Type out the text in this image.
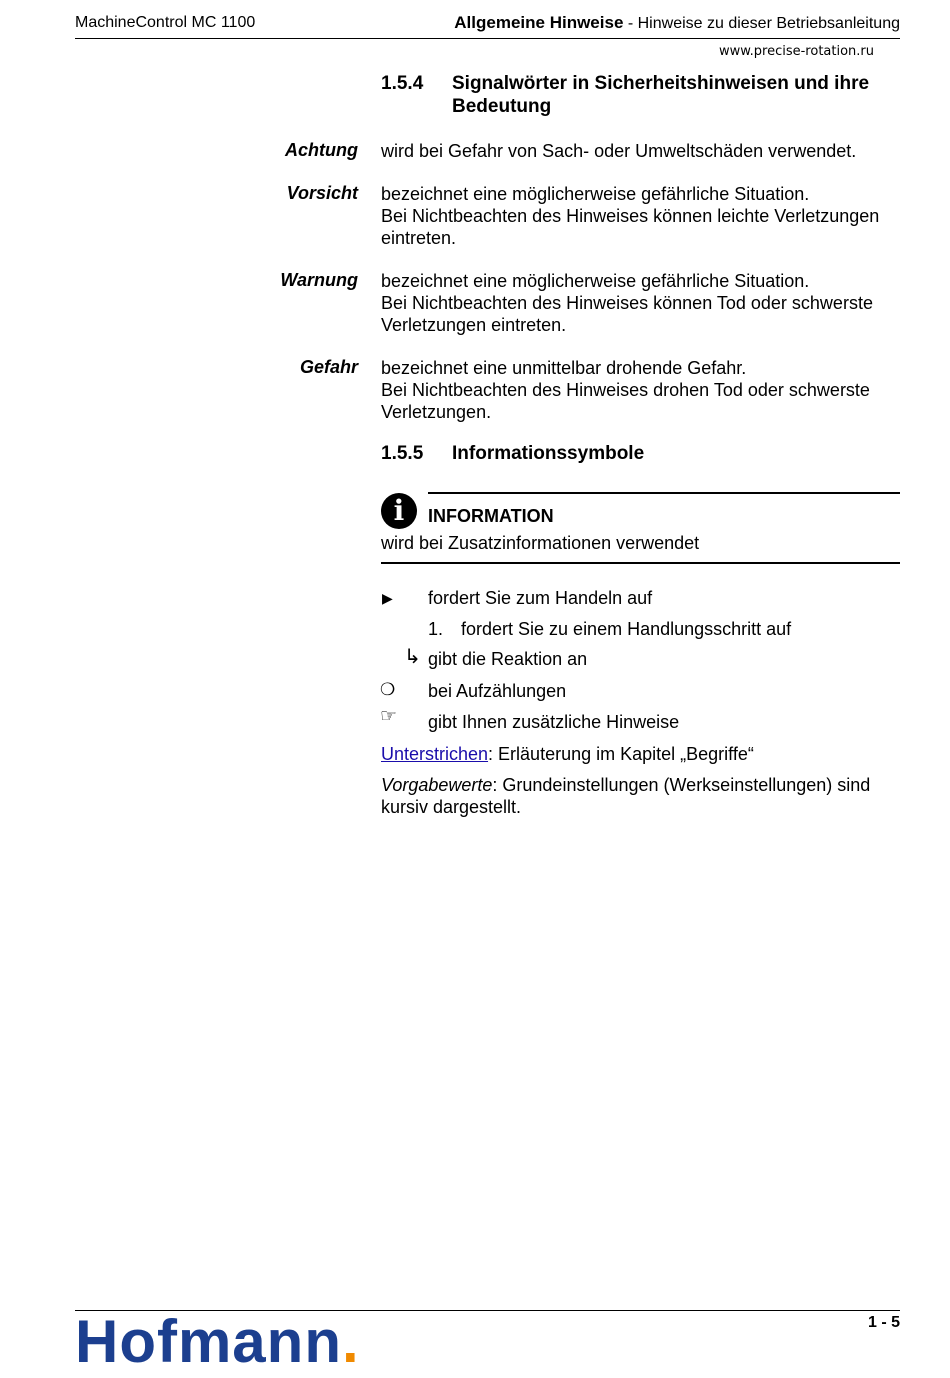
MachineControl MC 1100	Allgemeine Hinweise - Hinweise zu dieser Betriebsanleitung
www.precise-rotation.ru
1.5.4 Signalwörter in Sicherheitshinweisen und ihre Bedeutung
Achtung wird bei Gefahr von Sach- oder Umweltschäden verwendet.
Vorsicht bezeichnet eine möglicherweise gefährliche Situation.
Bei Nichtbeachten des Hinweises können leichte Verletzungen
eintreten.
Warnung bezeichnet eine möglicherweise gefährliche Situation.
Bei Nichtbeachten des Hinweises können Tod oder schwerste
Verletzungen eintreten.
Gefahr bezeichnet eine unmittelbar drohende Gefahr.
Bei Nichtbeachten des Hinweises drohen Tod oder schwerste
Verletzungen.
1.5.5 Informationssymbole
i	INFORMATION
wird bei Zusatzinformationen verwendet
▶ fordert Sie zum Handeln auf
1. fordert Sie zu einem Handlungsschritt auf
↳ gibt die Reaktion an
❍ bei Aufzählungen
☞ gibt Ihnen zusätzliche Hinweise
Unterstrichen: Erläuterung im Kapitel „Begriffe“
Vorgabewerte: Grundeinstellungen (Werkseinstellungen) sind
kursiv dargestellt.
Hofmann.	1 - 5
